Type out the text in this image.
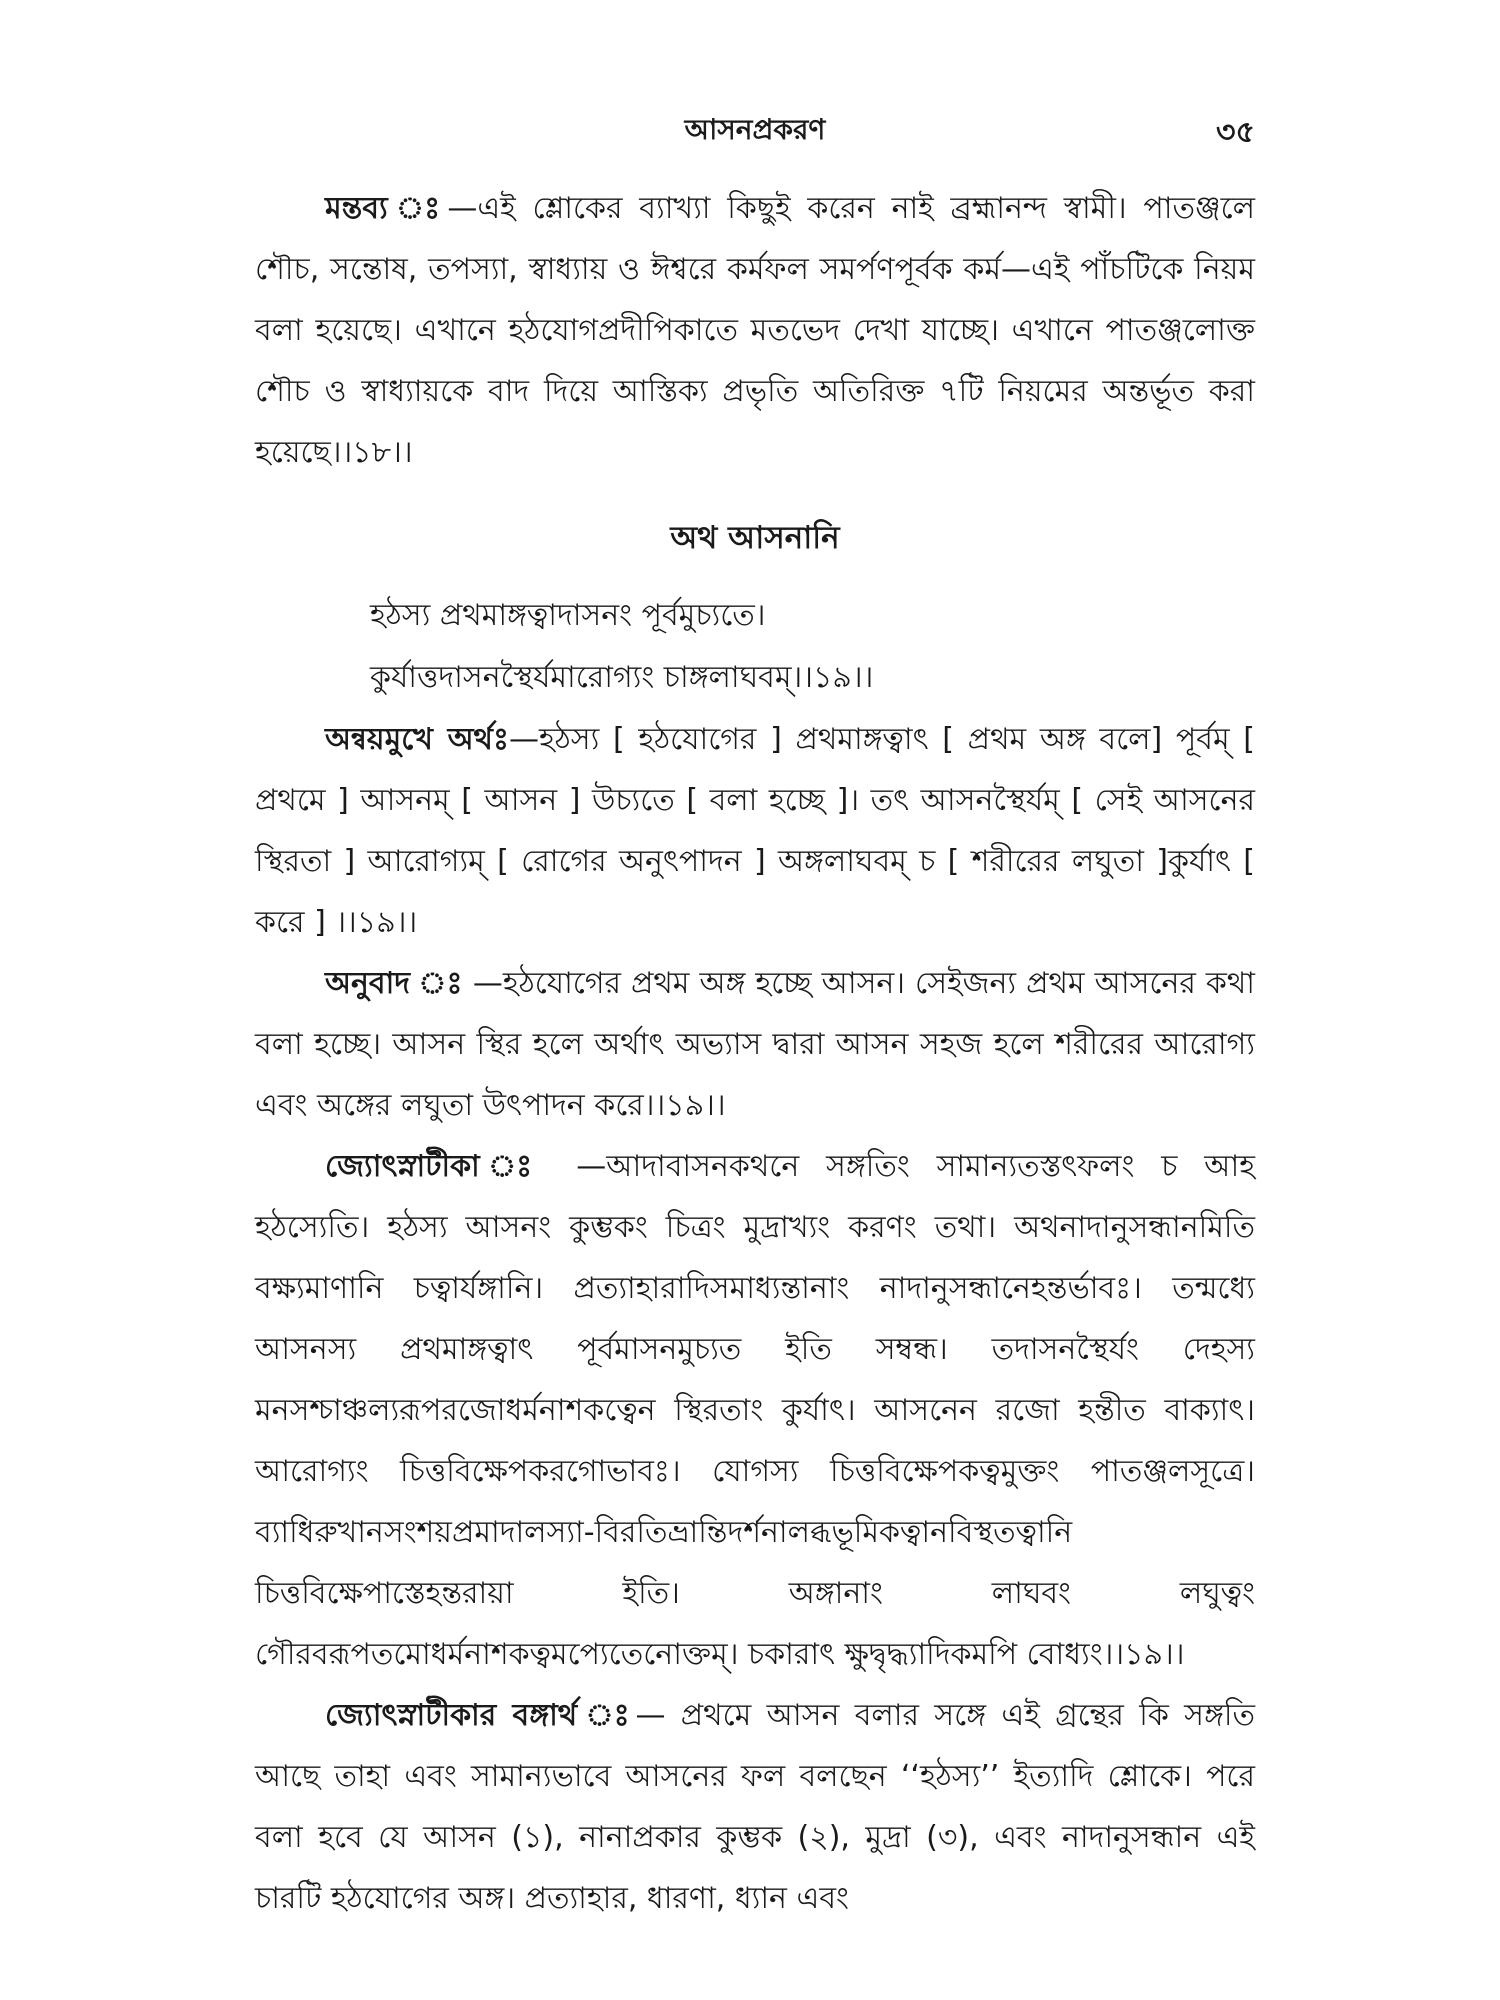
আসনপ্রকরণ	৩৫

মন্তব্য ঃ—এই শ্লোকের ব্যাখ্যা কিছুই করেন নাই ব্রহ্মানন্দ স্বামী। পাতঞ্জলে শৌচ, সন্তোষ, তপস্যা, স্বাধ্যায় ও ঈশ্বরে কর্মফল সমর্পণপূর্বক কর্ম—এই পাঁচটিকে নিয়ম বলা হয়েছে। এখানে হঠযোগপ্রদীপিকাতে মতভেদ দেখা যাচ্ছে। এখানে পাতঞ্জলোক্ত শৌচ ও স্বাধ্যায়কে বাদ দিয়ে আস্তিক্য প্রভৃতি অতিরিক্ত ৭টি নিয়মের অন্তর্ভূত করা হয়েছে।।১৮।।

অথ আসনানি

হঠস্য প্রথমাঙ্গত্বাদাসনং পূর্বমুচ্যতে।

কুর্যাত্তদাসনস্থৈর্যমারোগ্যং চাঙ্গলাঘবম্।।১৯।।

অন্বয়মুখে অর্থঃ—হঠস্য [ হঠযোগের ] প্রথমাঙ্গত্বাৎ [ প্রথম অঙ্গ বলে] পূর্বম্ [ প্রথমে ] আসনম্ [ আসন ] উচ্যতে [ বলা হচ্ছে ]। তৎ আসনস্থৈর্যম্ [ সেই আসনের স্থিরতা ] আরোগ্যম্ [ রোগের অনুৎপাদন ] অঙ্গলাঘবম্ চ [ শরীরের লঘুতা ]কুর্যাৎ [ করে ] ।।১৯।।

অনুবাদ ঃ —হঠযোগের প্রথম অঙ্গ হচ্ছে আসন। সেইজন্য প্রথম আসনের কথা বলা হচ্ছে। আসন স্থির হলে অর্থাৎ অভ্যাস দ্বারা আসন সহজ হলে শরীরের আরোগ্য এবং অঙ্গের লঘুতা উৎপাদন করে।।১৯।।

জ্যোৎস্নাটীকা ঃ —আদাবাসনকথনে সঙ্গতিং সামান্যতস্তৎফলং চ আহ হঠস্যেতি। হঠস্য আসনং কুম্ভকং চিত্রং মুদ্রাখ্যং করণং তথা। অথনাদানুসন্ধানমিতি বক্ষ্যমাণানি চত্বার্যঙ্গানি। প্রত্যাহারাদিসমাধ্যন্তানাং নাদানুসন্ধানেহন্তর্ভাবঃ। তন্মধ্যে আসনস্য প্রথমাঙ্গত্বাৎ পূর্বমাসনমুচ্যত ইতি সম্বন্ধ। তদাসনস্থৈর্যং দেহস্য মনসশ্চাঞ্চল্যরূপরজোধর্মনাশকত্বেন স্থিরতাং কুর্যাৎ। আসনেন রজো হন্তীত বাক্যাৎ। আরোগ্যং চিত্তবিক্ষেপকরগোভাবঃ। যোগস্য চিত্তবিক্ষেপকত্বমুক্তং পাতঞ্জলসূত্রে। ব্যাধিরুখানসংশয়প্রমাদালস্যা-বিরতিভ্রান্তিদর্শনালব্ধভূমিকত্বানবিস্থতত্বানি চিত্তবিক্ষেপাস্তেহন্তরায়া ইতি। অঙ্গানাং লাঘবং লঘুত্বং গৌরবরূপতমোধর্মনাশকত্বমপ্যেতেনোক্তম্। চকারাৎ ক্ষুদ্বৃদ্ধ্যাদিকমপি বোধ্যং।।১৯।।

জ্যোৎস্নাটীকার বঙ্গার্থ ঃ— প্রথমে আসন বলার সঙ্গে এই গ্রন্থের কি সঙ্গতি আছে তাহা এবং সামান্যভাবে আসনের ফল বলছেন ‘‘হঠস্য’’ ইত্যাদি শ্লোকে। পরে বলা হবে যে আসন (১), নানাপ্রকার কুম্ভক (২), মুদ্রা (৩), এবং নাদানুসন্ধান এই চারটি হঠযোগের অঙ্গ। প্রত্যাহার, ধারণা, ধ্যান এবং
